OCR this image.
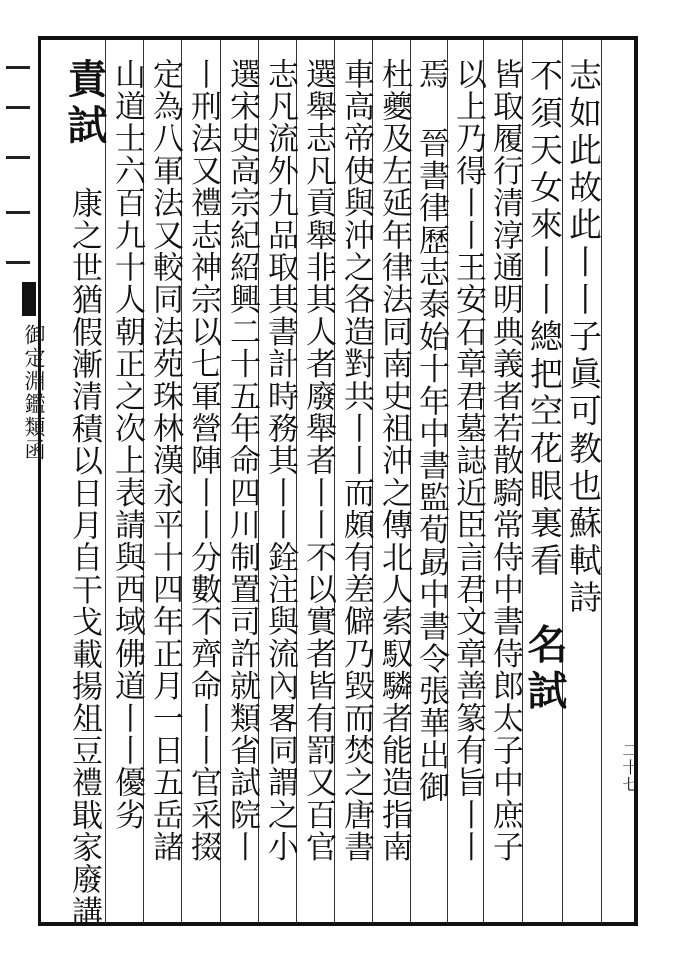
御定淵鑑類函	志如此故此丨丨子眞可教也蘇軾詩
不須天女來丨丨總把空花眼裏看 名試
皆取履行清淳通明典義者若散騎常侍中書侍郎太子中庶子
以上乃得丨丨王安石章君墓誌近臣言君文章善篆有旨丨丨
焉 晉書律歷志泰始十年中書監荀勗中書令張華出御
杜夔及左延年律法同南史祖沖之傳北人索馭驎者能造指南
車高帝使與沖之各造對共丨丨而頗有差僻乃毀而焚之唐書
選舉志凡貢舉非其人者廢舉者丨丨不以實者皆有罰又百官
志凡流外九品取其書計時務其丨丨銓注與流內畧同謂之小
選宋史高宗紀紹興二十五年命四川制置司許就類省試院丨
丨刑法又禮志神宗以七軍營陣丨丨分數不齊命丨丨官采掇
定為八軍法又較同法苑珠林漢永平十四年正月一日五岳諸
山道士六百九十人朝正之次上表請與西域佛道丨丨優劣
責試 康之世猶假漸清積以日月自干戈載揚俎豆禮戢家廢講	二十七
